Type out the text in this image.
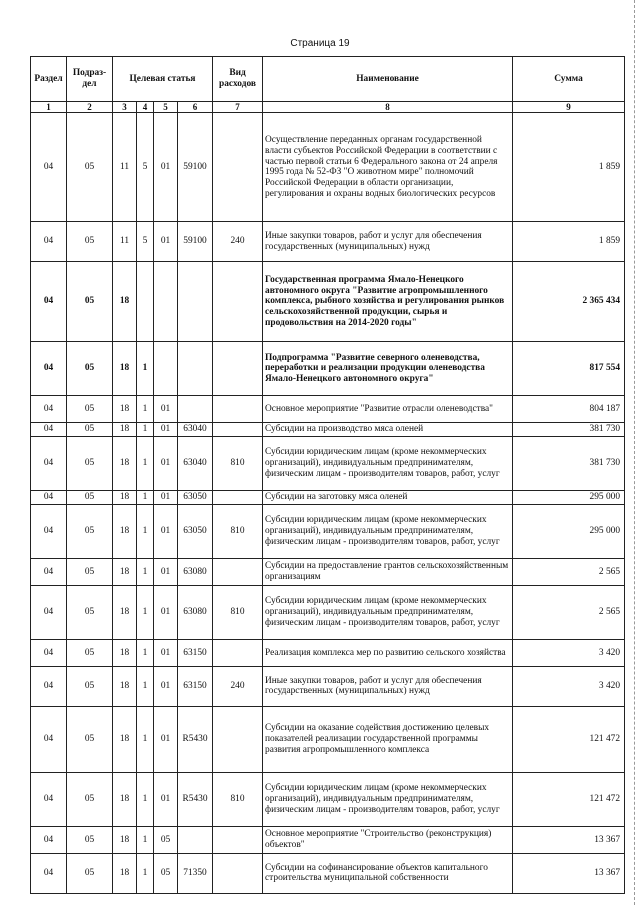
Страница 19
Раздел	Подраз-дел	Целевая статья				Вид расходов	Наименование	Сумма
1	2	3	4	5	6	7	8	9
04	05	11	5	01	59100		Осуществление переданных органам государственной власти субъектов Российской Федерации в соответствии с частью первой статьи 6 Федерального закона от 24 апреля 1995 года № 52-ФЗ "О животном мире" полномочий Российской Федерации в области организации, регулирования и охраны водных биологических ресурсов	1 859
04	05	11	5	01	59100	240	Иные закупки товаров, работ и услуг для обеспечения государственных (муниципальных) нужд	1 859
04	05	18					Государственная программа Ямало-Ненецкого автономного округа "Развитие агропромышленного комплекса, рыбного хозяйства и регулирования рынков сельскохозяйственной продукции, сырья и продовольствия на 2014-2020 годы"	2 365 434
04	05	18	1				Подпрограмма "Развитие северного оленеводства, переработки и реализации продукции оленеводства Ямало-Ненецкого автономного округа"	817 554
04	05	18	1	01			Основное мероприятие "Развитие отрасли оленеводства"	804 187
04	05	18	1	01	63040		Субсидии на производство мяса оленей	381 730
04	05	18	1	01	63040	810	Субсидии юридическим лицам (кроме некоммерческих организаций), индивидуальным предпринимателям, физическим лицам - производителям товаров, работ, услуг	381 730
04	05	18	1	01	63050		Субсидии на заготовку мяса оленей	295 000
04	05	18	1	01	63050	810	Субсидии юридическим лицам (кроме некоммерческих организаций), индивидуальным предпринимателям, физическим лицам - производителям товаров, работ, услуг	295 000
04	05	18	1	01	63080		Субсидии на предоставление грантов сельскохозяйственным организациям	2 565
04	05	18	1	01	63080	810	Субсидии юридическим лицам (кроме некоммерческих организаций), индивидуальным предпринимателям, физическим лицам - производителям товаров, работ, услуг	2 565
04	05	18	1	01	63150		Реализация комплекса мер по развитию сельского хозяйства	3 420
04	05	18	1	01	63150	240	Иные закупки товаров, работ и услуг для обеспечения государственных (муниципальных) нужд	3 420
04	05	18	1	01	R5430		Субсидии на оказание содействия достижению целевых показателей реализации государственной программы развития агропромышленного комплекса	121 472
04	05	18	1	01	R5430	810	Субсидии юридическим лицам (кроме некоммерческих организаций), индивидуальным предпринимателям, физическим лицам - производителям товаров, работ, услуг	121 472
04	05	18	1	05			Основное мероприятие "Строительство (реконструкция) объектов"	13 367
04	05	18	1	05	71350		Субсидии на софинансирование объектов капитального строительства муниципальной собственности	13 367
